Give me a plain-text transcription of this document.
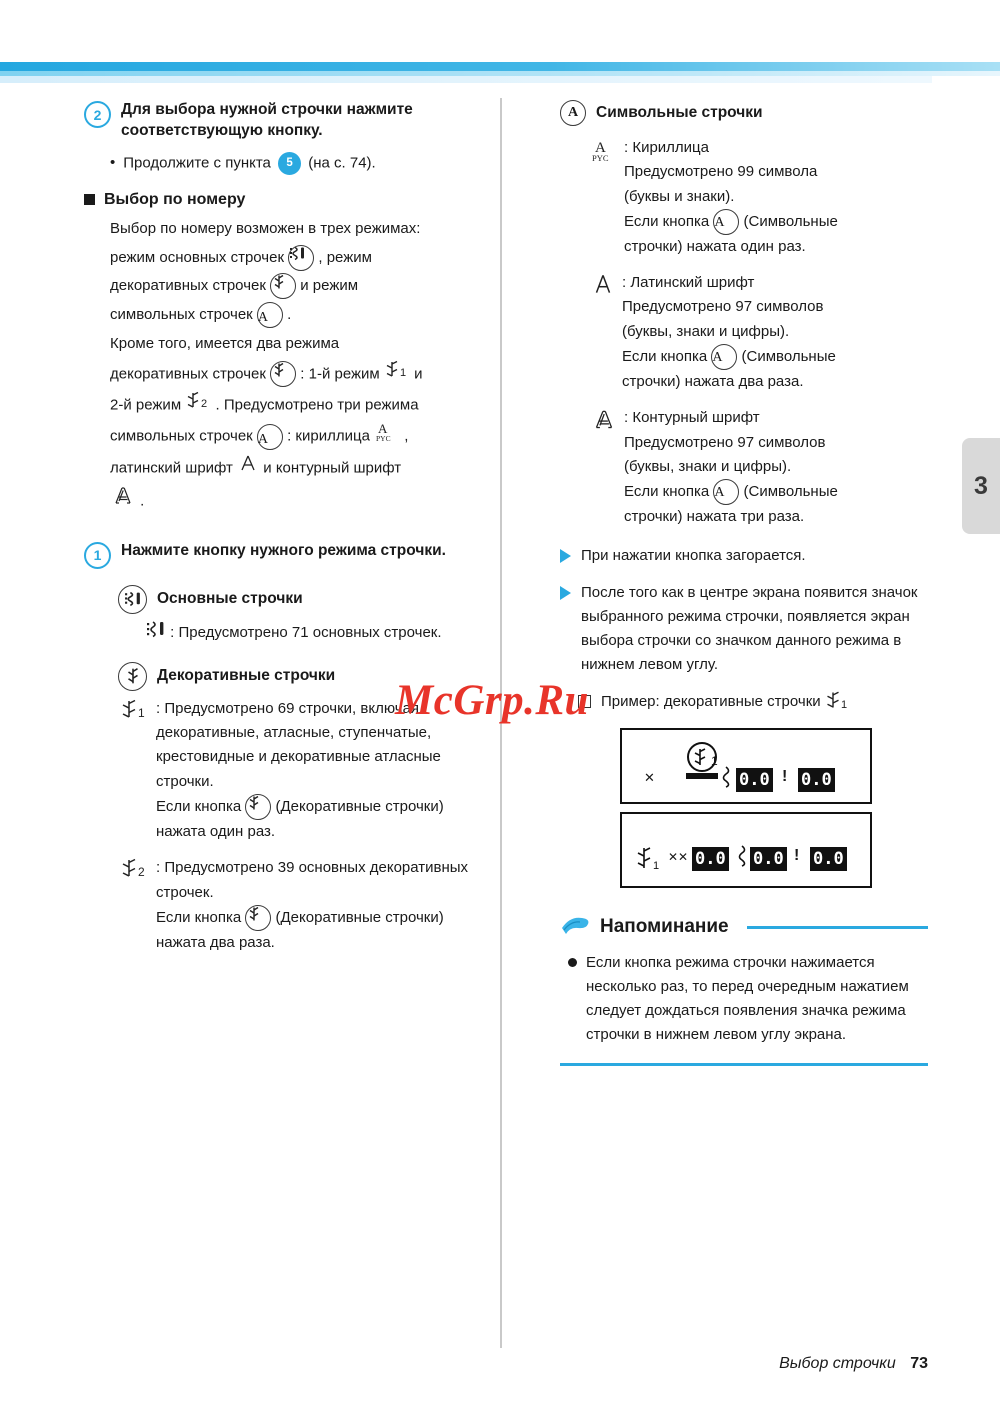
3
2	Для выбора нужной строчки нажмите соответствующую кнопку.
• Продолжите с пункта 5 (на с. 74).
Выбор по номеру
Выбор по номеру возможен в трех режимах:
режим основных строчек , режим
декоративных строчек и режим
символьных строчек A .
Кроме того, имеется два режима
декоративных строчек : 1-й режим 1 и
2-й режим 2 . Предусмотрено три режима
символьных строчек A : кириллица A
PYC ,
латинский шрифт и контурный шрифт
.
1	Нажмите кнопку нужного режима строчки.
Основные строчки
: Предусмотрено 71 основных строчек.
Декоративные строчки
1 : Предусмотрено 69 строчки, включая декоративные, атласные, ступенчатые, крестовидные и декоративные атласные строчки.
Если кнопка (Декоративные строчки) нажата один раз.
2 : Предусмотрено 39 основных декоративных строчек.
Если кнопка (Декоративные строчки) нажата два раза.
A Символьные строчки
A
PYC
: Кириллица
Предусмотрено 99 символа
(буквы и знаки).
Если кнопка A (Символьные
строчки) нажата один раз.
: Латинский шрифт
Предусмотрено 97 символов
(буквы, знаки и цифры).
Если кнопка A (Символьные
строчки) нажата два раза.
: Контурный шрифт
Предусмотрено 97 символов
(буквы, знаки и цифры).
Если кнопка A (Символьные
строчки) нажата три раза.
При нажатии кнопка загорается.
После того как в центре экрана появится значок выбранного режима строчки, появляется экран выбора строчки со значком данного режима в нижнем левом углу.
Пример: декоративные строчки 1
1
✕	0.0 ! 0.0
1
✕✕ 0.0 0.0 ! 0.0
Напоминание
Если кнопка режима строчки нажимается несколько раз, то перед очередным нажатием следует дождаться появления значка режима строчки в нижнем левом углу экрана.
McGrp.Ru
Выбор строчки 73
